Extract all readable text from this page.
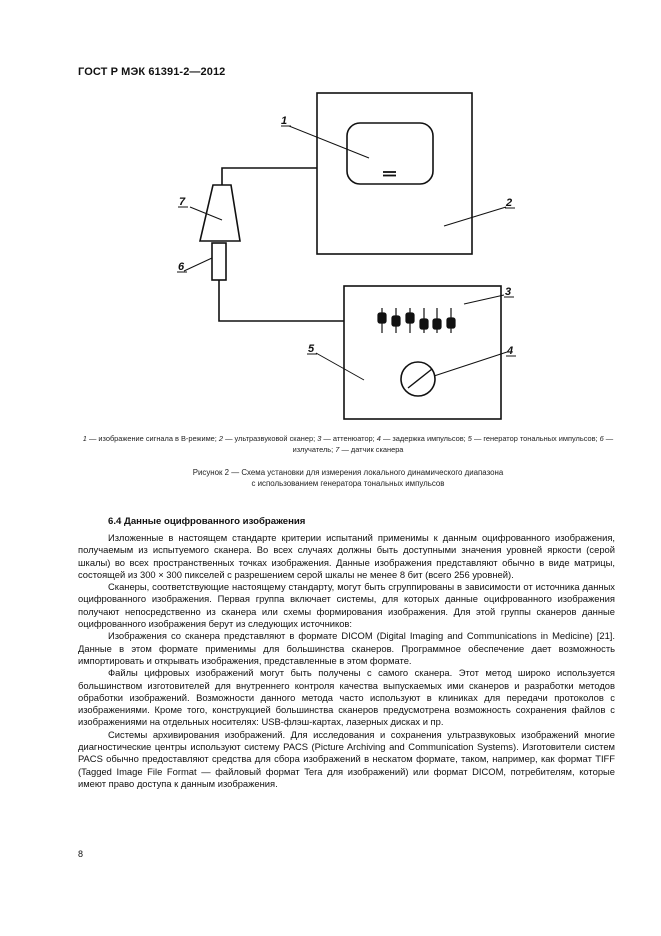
ГОСТ Р МЭК 61391-2—2012
1
2
3
4
5
6
7
1 — изображение сигнала в В-режиме; 2 — ультразвуковой сканер; 3 — аттенюатор; 4 — задержка импульсов; 5 — генератор тональных импульсов; 6 — излучатель; 7 — датчик сканера
Рисунок 2 — Схема установки для измерения локального динамического диапазона
с использованием генератора тональных импульсов
6.4 Данные оцифрованного изображения

Изложенные в настоящем стандарте критерии испытаний применимы к данным оцифрованного изображения, получаемым из испытуемого сканера. Во всех случаях должны быть доступными значения уровней яркости (серой шкалы) во всех пространственных точках изображения. Данные изображения представляют обычно в виде матрицы, состоящей из 300 × 300 пикселей с разрешением серой шкалы не менее 8 бит (всего 256 уровней).

Сканеры, соответствующие настоящему стандарту, могут быть сгруппированы в зависимости от источника данных оцифрованного изображения. Первая группа включает системы, для которых данные оцифрованного изображения получают непосредственно из сканера или схемы формирования изображения. Для этой группы сканеров данные оцифрованного изображения берут из следующих источников:

Изображения со сканера представляют в формате DICOM (Digital Imaging and Communications in Medicine) [21]. Данные в этом формате применимы для большинства сканеров. Программное обеспечение дает возможность импортировать и открывать изображения, представленные в этом формате.

Файлы цифровых изображений могут быть получены с самого сканера. Этот метод широко используется большинством изготовителей для внутреннего контроля качества выпускаемых ими сканеров и разработки методов обработки изображений. Возможности данного метода часто используют в клиниках для передачи протоколов с изображениями. Кроме того, конструкцией большинства сканеров предусмотрена возможность сохранения файлов с изображениями на отдельных носителях: USB-флэш-картах, лазерных дисках и пр.

Системы архивирования изображений. Для исследования и сохранения ультразвуковых изображений многие диагностические центры используют систему PACS (Picture Archiving and Communication Systems). Изготовители систем PACS обычно предоставляют средства для сбора изображений в нескатом формате, таком, например, как формат TIFF (Tagged Image File Format — файловый формат Tera для изображений) или формат DICOM, потребителям, которые имеют право доступа к данным изображения.

8
